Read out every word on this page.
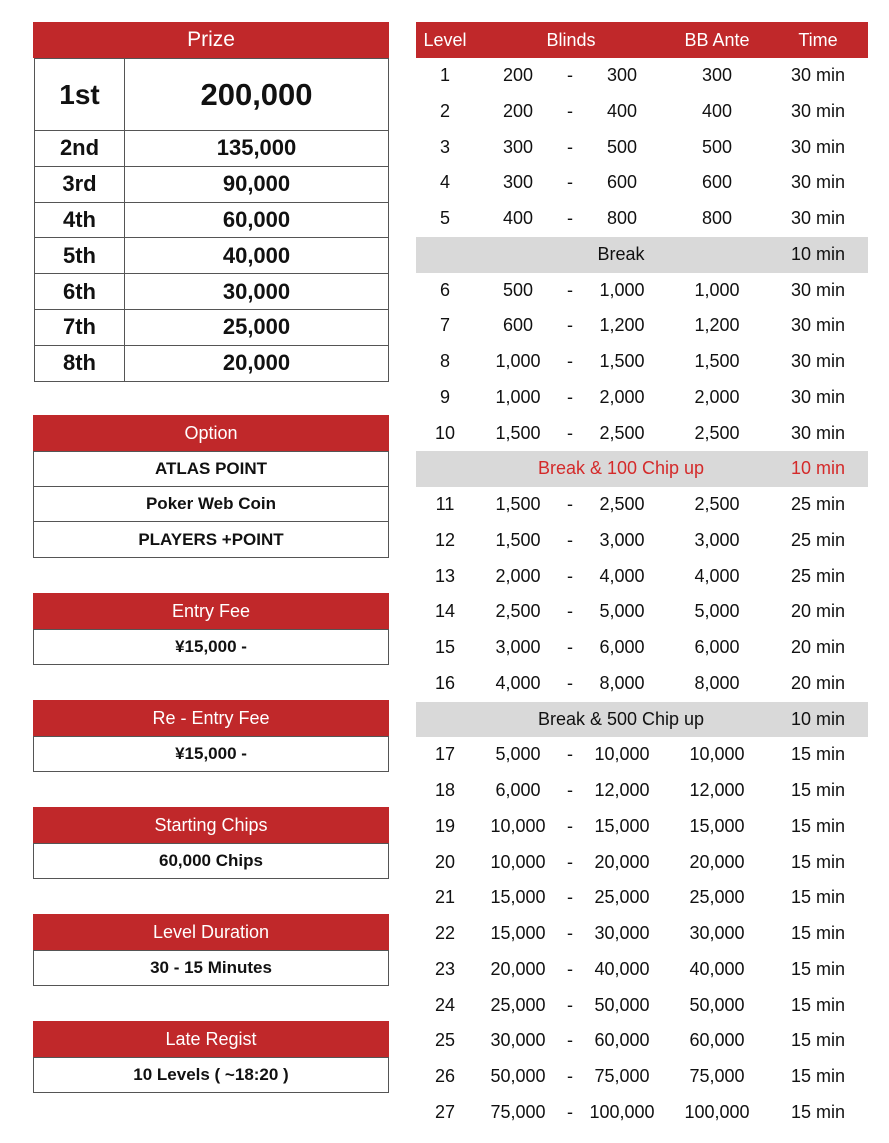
Prize
1st	200,000
2nd	135,000
3rd	90,000
4th	60,000
5th	40,000
6th	30,000
7th	25,000
8th	20,000
Option
ATLAS POINT
Poker Web Coin
PLAYERS +POINT
Entry Fee
¥15,000 -
Re - Entry Fee
¥15,000 -
Starting Chips
60,000 Chips
Level Duration
30 - 15 Minutes
Late Regist
10 Levels ( ~18:20 )
Level	Blinds	BB Ante	Time
1	200	-	300	300	30 min
2	200	-	400	400	30 min
3	300	-	500	500	30 min
4	300	-	600	600	30 min
5	400	-	800	800	30 min
Break	10 min
6	500	-	1,000	1,000	30 min
7	600	-	1,200	1,200	30 min
8	1,000	-	1,500	1,500	30 min
9	1,000	-	2,000	2,000	30 min
10	1,500	-	2,500	2,500	30 min
Break & 100 Chip up	10 min
11	1,500	-	2,500	2,500	25 min
12	1,500	-	3,000	3,000	25 min
13	2,000	-	4,000	4,000	25 min
14	2,500	-	5,000	5,000	20 min
15	3,000	-	6,000	6,000	20 min
16	4,000	-	8,000	8,000	20 min
Break & 500 Chip up	10 min
17	5,000	-	10,000	10,000	15 min
18	6,000	-	12,000	12,000	15 min
19	10,000	-	15,000	15,000	15 min
20	10,000	-	20,000	20,000	15 min
21	15,000	-	25,000	25,000	15 min
22	15,000	-	30,000	30,000	15 min
23	20,000	-	40,000	40,000	15 min
24	25,000	-	50,000	50,000	15 min
25	30,000	-	60,000	60,000	15 min
26	50,000	-	75,000	75,000	15 min
27	75,000	- 100,000	100,000	15 min
